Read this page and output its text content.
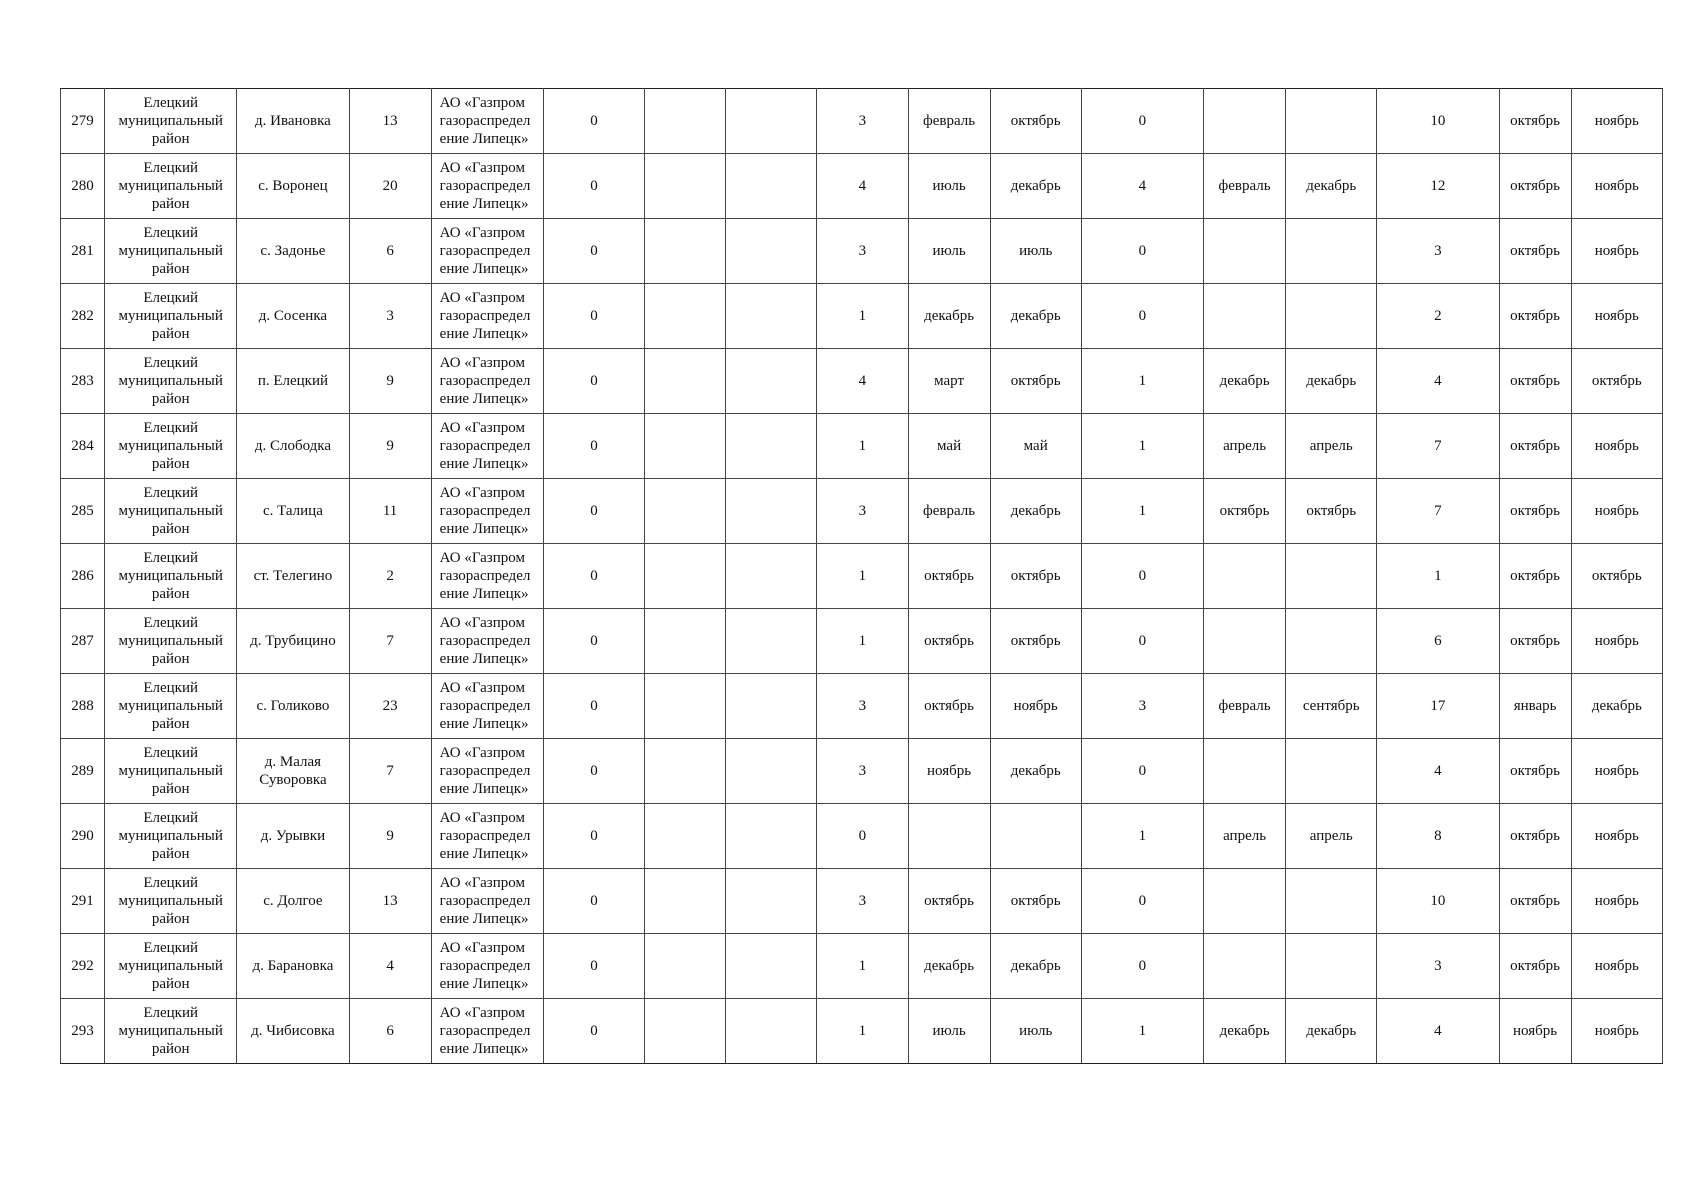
279	Елецкий
муниципальный
район	д. Ивановка	13	АО «Газпром
газораспредел
ение Липецк»	0			3	февраль	октябрь	0			10	октябрь	ноябрь
280	Елецкий
муниципальный
район	с. Воронец	20	АО «Газпром
газораспредел
ение Липецк»	0			4	июль	декабрь	4	февраль	декабрь	12	октябрь	ноябрь
281	Елецкий
муниципальный
район	с. Задонье	6	АО «Газпром
газораспредел
ение Липецк»	0			3	июль	июль	0			3	октябрь	ноябрь
282	Елецкий
муниципальный
район	д. Сосенка	3	АО «Газпром
газораспредел
ение Липецк»	0			1	декабрь	декабрь	0			2	октябрь	ноябрь
283	Елецкий
муниципальный
район	п. Елецкий	9	АО «Газпром
газораспредел
ение Липецк»	0			4	март	октябрь	1	декабрь	декабрь	4	октябрь	октябрь
284	Елецкий
муниципальный
район	д. Слободка	9	АО «Газпром
газораспредел
ение Липецк»	0			1	май	май	1	апрель	апрель	7	октябрь	ноябрь
285	Елецкий
муниципальный
район	с. Талица	11	АО «Газпром
газораспредел
ение Липецк»	0			3	февраль	декабрь	1	октябрь	октябрь	7	октябрь	ноябрь
286	Елецкий
муниципальный
район	ст. Телегино	2	АО «Газпром
газораспредел
ение Липецк»	0			1	октябрь	октябрь	0			1	октябрь	октябрь
287	Елецкий
муниципальный
район	д. Трубицино	7	АО «Газпром
газораспредел
ение Липецк»	0			1	октябрь	октябрь	0			6	октябрь	ноябрь
288	Елецкий
муниципальный
район	с. Голиково	23	АО «Газпром
газораспредел
ение Липецк»	0			3	октябрь	ноябрь	3	февраль	сентябрь	17	январь	декабрь
289	Елецкий
муниципальный
район	д. Малая
Суворовка	7	АО «Газпром
газораспредел
ение Липецк»	0			3	ноябрь	декабрь	0			4	октябрь	ноябрь
290	Елецкий
муниципальный
район	д. Урывки	9	АО «Газпром
газораспредел
ение Липецк»	0			0			1	апрель	апрель	8	октябрь	ноябрь
291	Елецкий
муниципальный
район	с. Долгое	13	АО «Газпром
газораспредел
ение Липецк»	0			3	октябрь	октябрь	0			10	октябрь	ноябрь
292	Елецкий
муниципальный
район	д. Барановка	4	АО «Газпром
газораспредел
ение Липецк»	0			1	декабрь	декабрь	0			3	октябрь	ноябрь
293	Елецкий
муниципальный
район	д. Чибисовка	6	АО «Газпром
газораспредел
ение Липецк»	0			1	июль	июль	1	декабрь	декабрь	4	ноябрь	ноябрь
